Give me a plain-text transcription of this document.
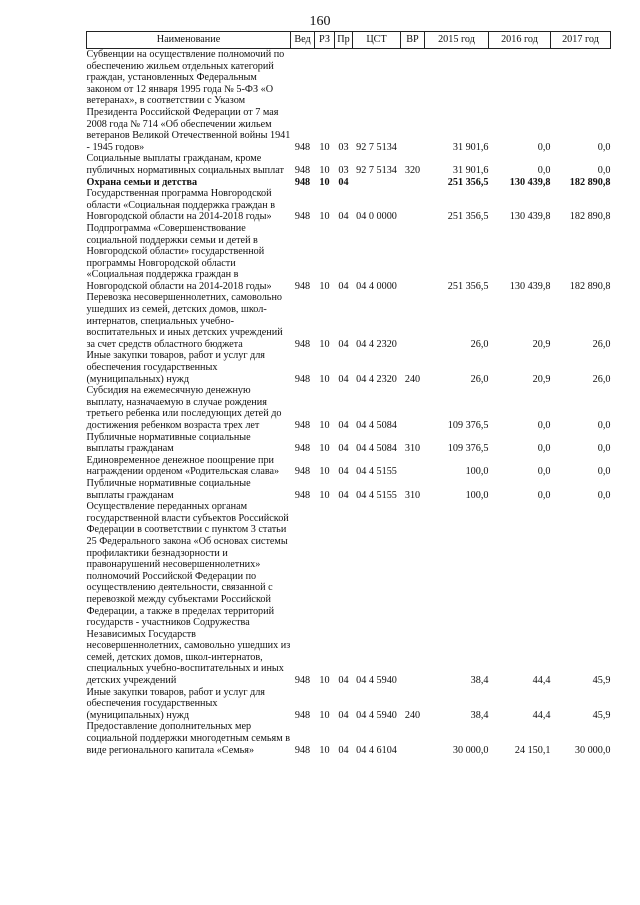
160
Наименование	Вед	РЗ	Пр	ЦСТ	ВР	2015 год	2016 год	2017 год
Субвенции на осуществление полномочий по обеспечению жильем отдельных категорий граждан, установленных Федеральным законом от 12 января 1995 года № 5-ФЗ «О ветеранах», в соответствии с Указом Президента Российской Федерации от 7 мая 2008 года № 714 «Об обеспечении жильем ветеранов Великой Отечественной войны 1941 - 1945 годов»	948	10	03	92 7 5134		31 901,6	0,0	0,0
Социальные выплаты гражданам, кроме публичных нормативных социальных выплат	948	10	03	92 7 5134	320	31 901,6	0,0	0,0
Охрана семьи и детства	948	10	04			251 356,5	130 439,8	182 890,8
Государственная программа Новгородской области «Социальная поддержка граждан в Новгородской области на 2014-2018 годы»	948	10	04	04 0 0000		251 356,5	130 439,8	182 890,8
Подпрограмма «Совершенствование социальной поддержки семьи и детей в Новгородской области» государственной программы Новгородской области «Социальная поддержка граждан в Новгородской области на 2014-2018 годы»	948	10	04	04 4 0000		251 356,5	130 439,8	182 890,8
Перевозка несовершеннолетних, самовольно ушедших из семей, детских домов, школ-интернатов, специальных учебно-воспитательных и иных детских учреждений за счет средств областного бюджета	948	10	04	04 4 2320		26,0	20,9	26,0
Иные закупки товаров, работ и услуг для обеспечения государственных (муниципальных) нужд	948	10	04	04 4 2320	240	26,0	20,9	26,0
Субсидия на ежемесячную денежную выплату, назначаемую в случае рождения третьего ребенка или последующих детей до достижения ребенком возраста трех лет	948	10	04	04 4 5084		109 376,5	0,0	0,0
Публичные нормативные социальные выплаты гражданам	948	10	04	04 4 5084	310	109 376,5	0,0	0,0
Единовременное денежное поощрение при награждении орденом «Родительская слава»	948	10	04	04 4 5155		100,0	0,0	0,0
Публичные нормативные социальные выплаты гражданам	948	10	04	04 4 5155	310	100,0	0,0	0,0
Осуществление переданных органам государственной власти субъектов Российской Федерации в соответствии с пунктом 3 статьи 25 Федерального закона «Об основах системы профилактики безнадзорности и правонарушений несовершеннолетних» полномочий Российской Федерации по осуществлению деятельности, связанной с перевозкой между субъектами Российской Федерации, а также в пределах территорий государств - участников Содружества Независимых Государств несовершеннолетних, самовольно ушедших из семей, детских домов, школ-интернатов, специальных учебно-воспитательных и иных детских учреждений	948	10	04	04 4 5940		38,4	44,4	45,9
Иные закупки товаров, работ и услуг для обеспечения государственных (муниципальных) нужд	948	10	04	04 4 5940	240	38,4	44,4	45,9
Предоставление дополнительных мер социальной поддержки многодетным семьям в виде регионального капитала «Семья»	948	10	04	04 4 6104		30 000,0	24 150,1	30 000,0
